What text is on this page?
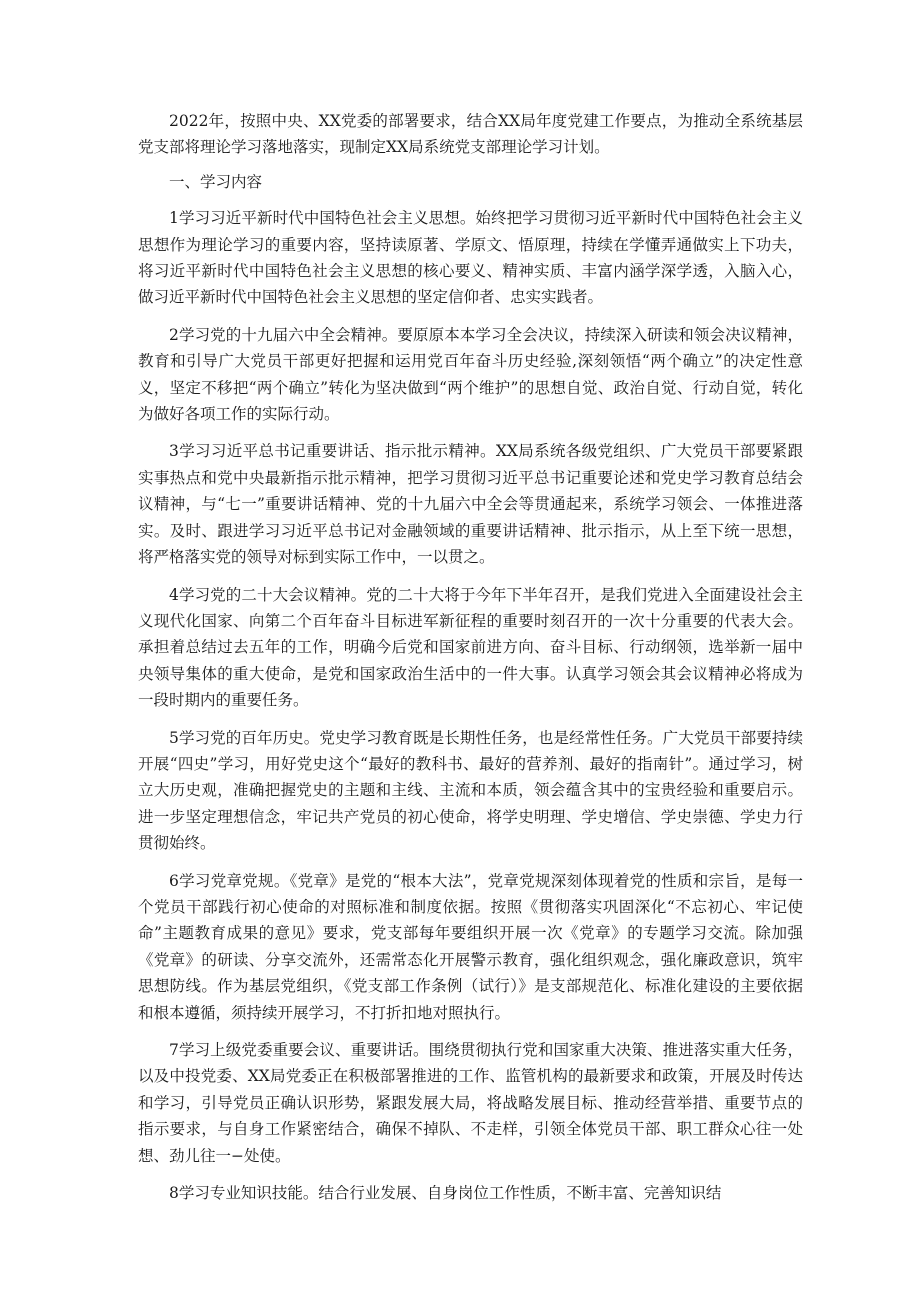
2022年，按照中央、XX党委的部署要求，结合XX局年度党建工作要点，为推动全系统基层党支部将理论学习落地落实，现制定XX局系统党支部理论学习计划。

一、学习内容

1学习习近平新时代中国特色社会主义思想。始终把学习贯彻习近平新时代中国特色社会主义思想作为理论学习的重要内容，坚持读原著、学原文、悟原理，持续在学懂弄通做实上下功夫，将习近平新时代中国特色社会主义思想的核心要义、精神实质、丰富内涵学深学透，入脑入心，做习近平新时代中国特色社会主义思想的坚定信仰者、忠实实践者。

2学习党的十九届六中全会精神。要原原本本学习全会决议，持续深入研读和领会决议精神，教育和引导广大党员干部更好把握和运用党百年奋斗历史经验,深刻领悟“两个确立”的决定性意义，坚定不移把“两个确立”转化为坚决做到“两个维护”的思想自觉、政治自觉、行动自觉，转化为做好各项工作的实际行动。

3学习习近平总书记重要讲话、指示批示精神。XX局系统各级党组织、广大党员干部要紧跟实事热点和党中央最新指示批示精神，把学习贯彻习近平总书记重要论述和党史学习教育总结会议精神，与“七一”重要讲话精神、党的十九届六中全会等贯通起来，系统学习领会、一体推进落实。及时、跟进学习习近平总书记对金融领域的重要讲话精神、批示指示，从上至下统一思想，将严格落实党的领导对标到实际工作中，一以贯之。

4学习党的二十大会议精神。党的二十大将于今年下半年召开，是我们党进入全面建设社会主义现代化国家、向第二个百年奋斗目标进军新征程的重要时刻召开的一次十分重要的代表大会。承担着总结过去五年的工作，明确今后党和国家前进方向、奋斗目标、行动纲领，选举新一届中央领导集体的重大使命，是党和国家政治生活中的一件大事。认真学习领会其会议精神必将成为一段时期内的重要任务。

5学习党的百年历史。党史学习教育既是长期性任务，也是经常性任务。广大党员干部要持续开展“四史”学习，用好党史这个“最好的教科书、最好的营养剂、最好的指南针”。通过学习，树立大历史观，准确把握党史的主题和主线、主流和本质，领会蕴含其中的宝贵经验和重要启示。进一步坚定理想信念，牢记共产党员的初心使命，将学史明理、学史增信、学史崇德、学史力行贯彻始终。

6学习党章党规。《党章》是党的“根本大法”，党章党规深刻体现着党的性质和宗旨，是每一个党员干部践行初心使命的对照标准和制度依据。按照《贯彻落实巩固深化“不忘初心、牢记使命”主题教育成果的意见》要求，党支部每年要组织开展一次《党章》的专题学习交流。除加强《党章》的研读、分享交流外，还需常态化开展警示教育，强化组织观念，强化廉政意识，筑牢思想防线。作为基层党组织，《党支部工作条例（试行）》是支部规范化、标准化建设的主要依据和根本遵循，须持续开展学习，不打折扣地对照执行。

7学习上级党委重要会议、重要讲话。围绕贯彻执行党和国家重大决策、推进落实重大任务，以及中投党委、XX局党委正在积极部署推进的工作、监管机构的最新要求和政策，开展及时传达和学习，引导党员正确认识形势，紧跟发展大局，将战略发展目标、推动经营举措、重要节点的指示要求，与自身工作紧密结合，确保不掉队、不走样，引领全体党员干部、职工群众心往一处想、劲儿往一−处使。

8学习专业知识技能。结合行业发展、自身岗位工作性质，不断丰富、完善知识结
